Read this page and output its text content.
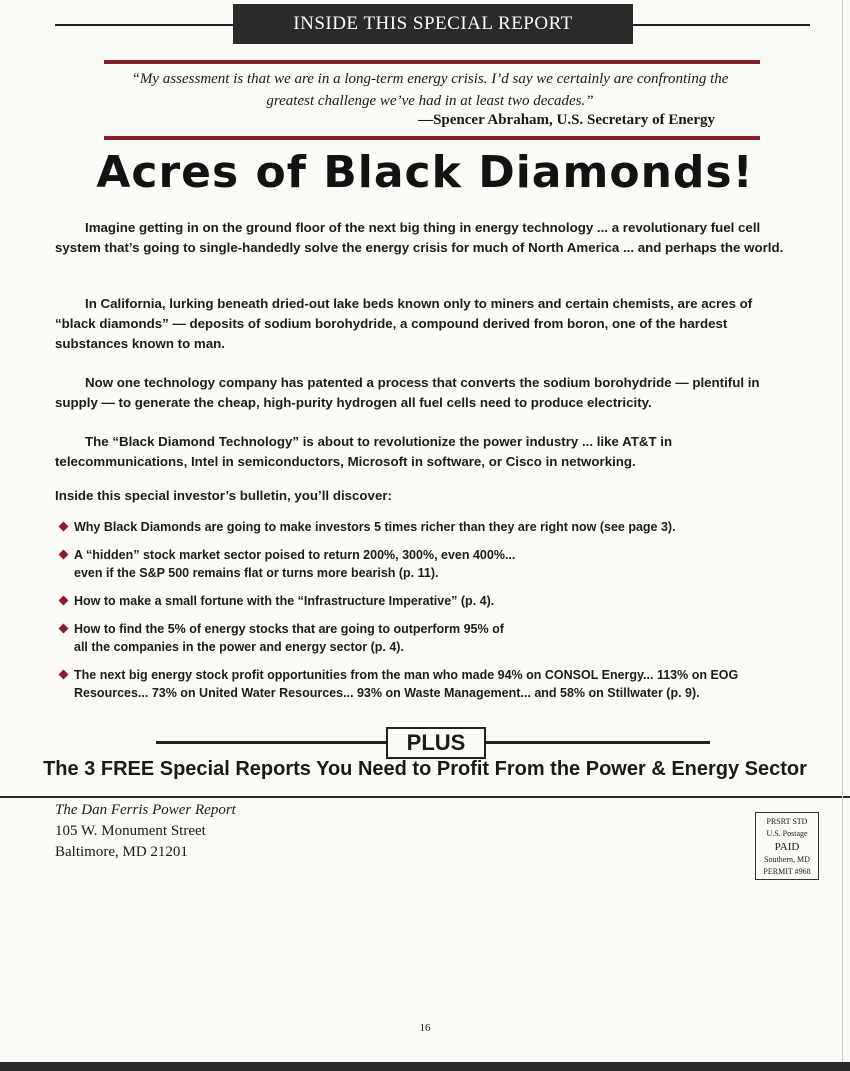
INSIDE THIS SPECIAL REPORT
“My assessment is that we are in a long-term energy crisis. I’d say we certainly are confronting the greatest challenge we’ve had in at least two decades.”
—Spencer Abraham, U.S. Secretary of Energy
Acres of Black Diamonds!
Imagine getting in on the ground floor of the next big thing in energy technology ... a revolutionary fuel cell system that’s going to single-handedly solve the energy crisis for much of North America ... and perhaps the world.
In California, lurking beneath dried-out lake beds known only to miners and certain chemists, are acres of “black diamonds” — deposits of sodium borohydride, a compound derived from boron, one of the hardest substances known to man.
Now one technology company has patented a process that converts the sodium borohydride — plentiful in supply — to generate the cheap, high-purity hydrogen all fuel cells need to produce electricity.
The “Black Diamond Technology” is about to revolutionize the power industry ... like AT&T in telecommunications, Intel in semiconductors, Microsoft in software, or Cisco in networking.
Inside this special investor’s bulletin, you’ll discover:
Why Black Diamonds are going to make investors 5 times richer than they are right now (see page 3).
A “hidden” stock market sector poised to return 200%, 300%, even 400%... even if the S&P 500 remains flat or turns more bearish (p. 11).
How to make a small fortune with the “Infrastructure Imperative” (p. 4).
How to find the 5% of energy stocks that are going to outperform 95% of all the companies in the power and energy sector (p. 4).
The next big energy stock profit opportunities from the man who made 94% on CONSOL Energy... 113% on EOG Resources... 73% on United Water Resources... 93% on Waste Management... and 58% on Stillwater (p. 9).
PLUS
The 3 FREE Special Reports You Need to Profit From the Power & Energy Sector
The Dan Ferris Power Report
105 W. Monument Street
Baltimore, MD 21201
PRSRT STD
U.S. Postage
PAID
Southern, MD
PERMIT #968
16
